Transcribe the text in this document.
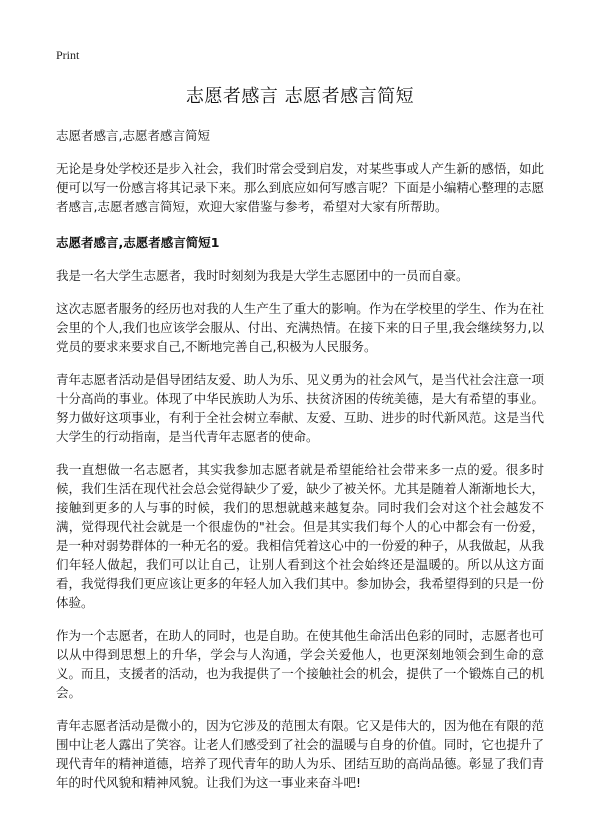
Print
志愿者感言 志愿者感言简短

志愿者感言,志愿者感言简短

无论是身处学校还是步入社会，我们时常会受到启发，对某些事或人产生新的感悟，如此便可以写一份感言将其记录下来。那么到底应如何写感言呢？下面是小编精心整理的志愿者感言,志愿者感言简短，欢迎大家借鉴与参考，希望对大家有所帮助。

志愿者感言,志愿者感言简短1

我是一名大学生志愿者，我时时刻刻为我是大学生志愿团中的一员而自豪。

这次志愿者服务的经历也对我的人生产生了重大的影响。作为在学校里的学生、作为在社会里的个人,我们也应该学会服从、付出、充满热情。在接下来的日子里,我会继续努力,以党员的要求来要求自己,不断地完善自己,积极为人民服务。

青年志愿者活动是倡导团结友爱、助人为乐、见义勇为的社会风气，是当代社会注意一项十分高尚的事业。体现了中华民族助人为乐、扶贫济困的传统美德，是大有希望的事业。努力做好这项事业，有利于全社会树立奉献、友爱、互助、进步的时代新风范。这是当代大学生的行动指南，是当代青年志愿者的使命。

我一直想做一名志愿者，其实我参加志愿者就是希望能给社会带来多一点的爱。很多时候，我们生活在现代社会总会觉得缺少了爱，缺少了被关怀。尤其是随着人渐渐地长大，接触到更多的人与事的时候，我们的思想就越来越复杂。同时我们会对这个社会越发不满，觉得现代社会就是一个很虚伪的"社会。但是其实我们每个人的心中都会有一份爱，是一种对弱势群体的一种无名的爱。我相信凭着这心中的一份爱的种子，从我做起，从我们年轻人做起，我们可以让自己，让别人看到这个社会始终还是温暖的。所以从这方面看，我觉得我们更应该让更多的年轻人加入我们其中。参加协会，我希望得到的只是一份体验。

作为一个志愿者，在助人的同时，也是自助。在使其他生命活出色彩的同时，志愿者也可以从中得到思想上的升华，学会与人沟通，学会关爱他人，也更深刻地领会到生命的意义。而且，支援者的活动，也为我提供了一个接触社会的机会，提供了一个锻炼自己的机会。

青年志愿者活动是微小的，因为它涉及的范围太有限。它又是伟大的，因为他在有限的范围中让老人露出了笑容。让老人们感受到了社会的温暖与自身的价值。同时，它也提升了现代青年的精神道德，培养了现代青年的助人为乐、团结互助的高尚品德。彰显了我们青年的时代风貌和精神风貌。让我们为这一事业来奋斗吧!
